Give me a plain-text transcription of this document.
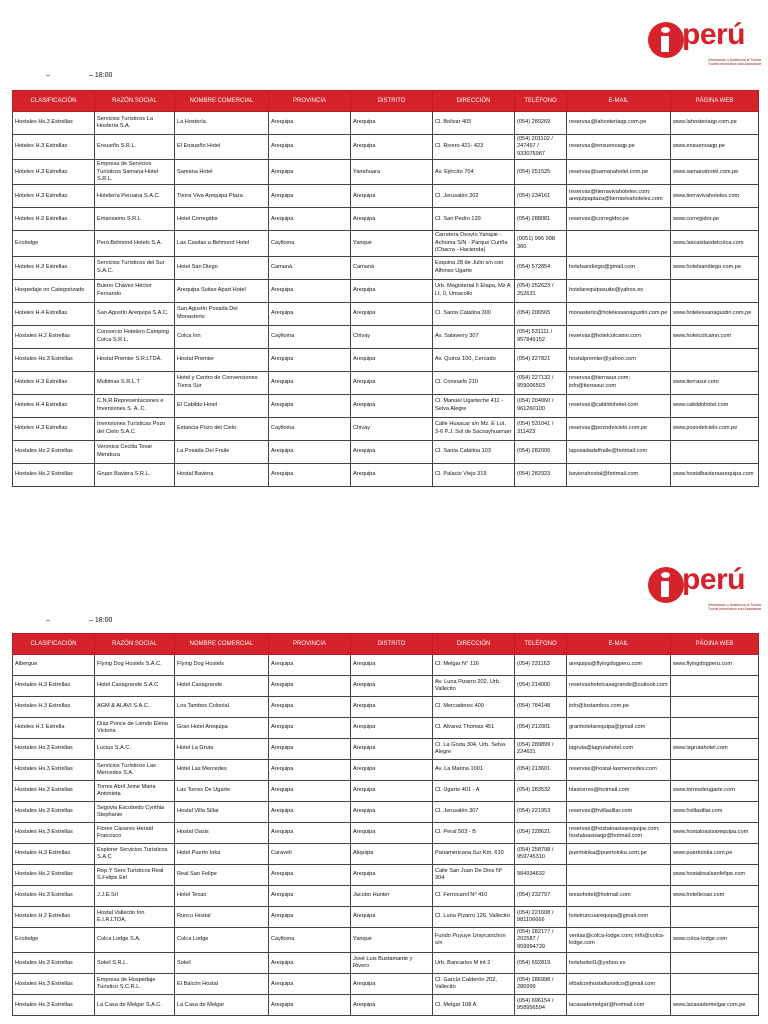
perú
Información y Asistencia al Turista Tourist Information and Assistance
–	– 18:00
CLASIFICACIÓN	RAZÓN SOCIAL	NOMBRE COMERCIAL	PROVINCIA	DISTRITO	DIRECCIÓN	TELÉFONO	E-MAIL	PÁGINA WEB
Hostales Hs.3 Estrellas	Servicios Turísticos La Hostería S.A.	La Hostería	Arequipa	Arequipa	Cl. Bolivar 405	(054) 289269	reservas@lahosteriaqp.com.pe	www.lahosteriaqp.com.pe
Hoteles H.3 Estrellas	Ensueño S.R.L.	El Ensueño Hotel	Arequipa	Arequipa	Cl. Rivero 421- 423	(054) 201102 / 247457 / 933076987	reservas@ensuenoaqp.pe	www.ensuenoaqp.pe
Hoteles H.3 Estrellas	Empresa de Servicios Turísticos Samana Hotel S.R.L.	Samana Hotel	Arequipa	Yanahuara	Av. Ejército 704	(054) 251525	reservas@samanahotel.com.pe	www.samanahotel.com.pe
Hoteles H.3 Estrellas	Hotelería Peruana S.A.C.	Tierra Viva Arequipa Plaza	Arequipa	Arequipa	Cl. Jerusalén 202	(054) 234161	reservas@tierravivahoteles.com; arequipaplaza@tierravivahoteles.com	www.tierravivahoteles.com
Hoteles H.2 Estrellas	Emansamo S.R.L	Hotel Corregidor	Arequipa	Arequipa	Cl. San Pedro 139	(054) 288081	reservas@corregidor.pe	www.corregidor.pe
Ecolodge	Perú Belmond Hotels S.A.	Las Casitas a Belmond Hotel	Caylloma	Yanque	Carretera Desvío Yanque - Achoma S/N - Parque Curiña (Chacra - Hacienda)	(0051) 996 998 360		www.lascasitasdelcolca.com
Hoteles H.3 Estrellas	Servicios Turísticos del Sur S.A.C.	Hotel San Diego	Camaná	Camaná	Esquina 28 de Julio s/n con Alfonso Ugarte	(054) 572854	hotelsandiego@gmail.com	www.hotelsandiego.com.pe
Hospedaje no Categorizado	Bueno Chávez Héctor Fernando	Arequipa Suites Apart Hotel	Arequipa	Arequipa	Urb. Magisterial II Etapa, Mz A Lt. 0, Umacollo	(054) 252623 / 252631	hotelarequipasuite@yahoo.es	
Hoteles H.4 Estrellas	San Agustín Arequipa S.A.C.	San Agustín Posada Del Monasterio	Arequipa	Arequipa	Cl. Santa Catalina 300	(054) 206565	monasterio@hotelessanagustin.com.pe	www.hotelessanagustin.com.pe
Hostales H.2 Estrellas	Consorcio Hotelero Camping Colca S.R.L.	Colca Inn	Caylloma	Chivay	Av. Salaverry 307	(054) 531111 / 957849152	reservas@hotelcolcainn.com	www.hotelcolcainn.com
Hostales Hs.3 Estrellas	Hostal Premier S.R.LTDA.	Hostal Premier	Arequipa	Arequipa	Av. Quiroz 100, Cercado	(054) 227821	hostalpremier@yahoo.com	
Hoteles H.3 Estrellas	Multimax S.R.L.T	Hotel y Centro de Convenciones Tierra Sur	Arequipa	Arequipa	Cl. Consuelo 210	(054) 227132 / 959006503	reservas@tierrasur.com; info@tierrasur.com	www.tierrasur.com
Hoteles H.4 Estrellas	C.N.R.Representaciones e Inversiones S. A. C.	El Cabildo Hotel	Arequipa	Arequipa	Cl. Manuel Ugarteche 411 - Selva Alegre	(054) 204060 / 961260100	reservas@cabildohotel.com	www.cabildohotel.com
Hoteles H.3 Estrellas	Inversiones Turísticas Pozo del Cielo S.A.C	Estancia Pozo del Cielo	Caylloma	Chivay	Calle Huascar s/n Mz. E Lot. 3-6 P.J. Sol de Sacsayhuaman	(054) 531041 / 311423	reservas@pozodelcielo.com.pe	www.pozodelcielo.com.pe
Hostales Hs.2 Estrellas	Veronica Cecilia Tovar Mendoza	La Posada Del Fraile	Arequipa	Arequipa	Cl. Santa Catalina 103	(054) 282006	laposadadelfraile@hotmail.com	
Hostales Hs.2 Estrellas	Grupo Baviera S.R.L.	Hostal Baviera	Arequipa	Arequipa	Cl. Palacio Viejo 319	(054) 282923	bavierahostal@hotmail.com	www.hostalbavieraarequipa.com
perú
Información y Asistencia al Turista Tourist Information and Assistance
–	– 18:00
CLASIFICACIÓN	RAZÓN SOCIAL	NOMBRE COMERCIAL	PROVINCIA	DISTRITO	DIRECCIÓN	TELÉFONO	E-MAIL	PÁGINA WEB
Albergue	Flying Dog Hostels S.A.C.	Flying Dog Hostels	Arequipa	Arequipa	Cl. Melgar N° 116	(054) 231163	arequipa@flyingdogperu.com	www.flyingdogperu.com
Hostales H.3 Estrellas	Hotel Casagrande S.A.C	Hotel Casagrande	Arequipa	Arequipa	Av. Luna Pizarro 202, Urb. Vallecito	(054) 214000	reservashotelcasagrande@outlook.com	
Hostales H.3 Estrellas	AGM & ALAVI S.A.C.	Los Tambos Colonial	Arequipa	Arequipa	Cl. Mercaderes 409	(054) 784148	info@lostambos.com.pe	
Hoteles H.1 Estrella	Díaz Ponce de Liendo Elena Victoria	Gran Hotel Arequipa	Arequipa	Arequipa	Cl. Alvarez Thomas 451	(054) 212001	granhotelarequipa@gmail.com	
Hostales Hs.3 Estrellas	Lucius S.A.C.	Hotel La Gruta	Arequipa	Arequipa	Cl. La Gruta 304, Urb. Selva Alegre	(054) 289899 / 224631	lagruta@lagrutahotel.com	www.lagrutahotel.com
Hostales Hs.3 Estrellas	Servicios Turísticos Las Mercedes S.A.	Hotel Las Mercedes	Arequipa	Arequipa	Av. La Marina 1001	(054) 213601	reservas@hostal-lasmercedes.com	
Hostales Hs.3 Estrellas	Torres Abril Jeine Maria Antonieta	Las Torres De Ugarte	Arequipa	Arequipa	Cl. Ugarte 401 - A	(054) 283532	hlastorres@hotmail.com	www.torresdeugarte.com
Hostales Hs.3 Estrellas	Segovia Escobedo Cynthia Stephanie	Hostal Villa Sillar	Arequipa	Arequipa	Cl. Jerusalén 307	(054) 221953	reservas@hvillasillar.com	www.hvillasillar.com
Hostales Hs.3 Estrellas	Flores Cáceres Herald Francisco	Hostal Oasis	Arequipa	Arequipa	Cl. Peral 503 - B	(054) 228621	reservas@hostaloasisarequipa.com; hostaloasisaqp@hotmail.com	www.hostaloasisarequipa.com
Hostales H.3 Estrellas	Explorer Servicios Turísticos S.A.C	Hotel Puerto Inka	Caravelí	Atiquipa	Panamericana Sur Km. 610	(054) 258798 / 959745310	puertoinka@puertoinka.com.pe	www.puertoinka.com.pe
Hostales Hs.2 Estrellas	Rep.Y Serv.Turisticos Real S.Felipe Eirl	Real San Felipe	Arequipa	Arequipa	Calle San Juan De Dios Nº 304	984934632		www.hostalrealsanfelipe.com
Hostales Hs.3 Estrellas	J.J.E.Srl	Hotel Texao	Arequipa	Jacobo Hunter	Cl. Ferrocarril Nº 410	(054) 232797	texaohotel@hotmail.com	www.hoteltexao.com
Hostales H.2 Estrellas	Hostal Vallecito Inn E.I.R.LTDA.	Runcu Hostal	Arequipa	Arequipa	Cl. Luna Pizarro 126, Vallecito	(054) 221608 / 981106666	hotelruncuarequipa@gmail.com	
Ecolodge	Colca Lodge S.A.	Colca Lodge	Caylloma	Yanque	Fundo Puyuye Uraycanchon s/n	(054) 282177 / 202587 / 959994739	ventas@colca-lodge.com; info@colca-lodge.com	www.colca-lodge.com
Hostales Hs.3 Estrellas	Soleil S.R.L.	Soleil	Arequipa	José Luis Bustamante y Rivero	Urb. Bancarios M int 2	(054) 692819	hotelsoleil1@yahoo.es	
Hostales Hs.3 Estrellas	Empresa de Hospedaje Turístico S.C.R.L.	El Balcón Hostal	Arequipa	Arequipa	Cl. García Calderón 202, Vallecito	(054) 286998 / 286999	elbalconhostalturistico@gmail.com	
Hostales Hs.3 Estrellas	La Casa de Melgar S.A.C.	La Casa de Melgar	Arequipa	Arequipa	Cl. Melgar 108 A	(054) 696154 / 958956594	lacasademelgar@hotmail.com	www.lacasademelgar.com.pe
